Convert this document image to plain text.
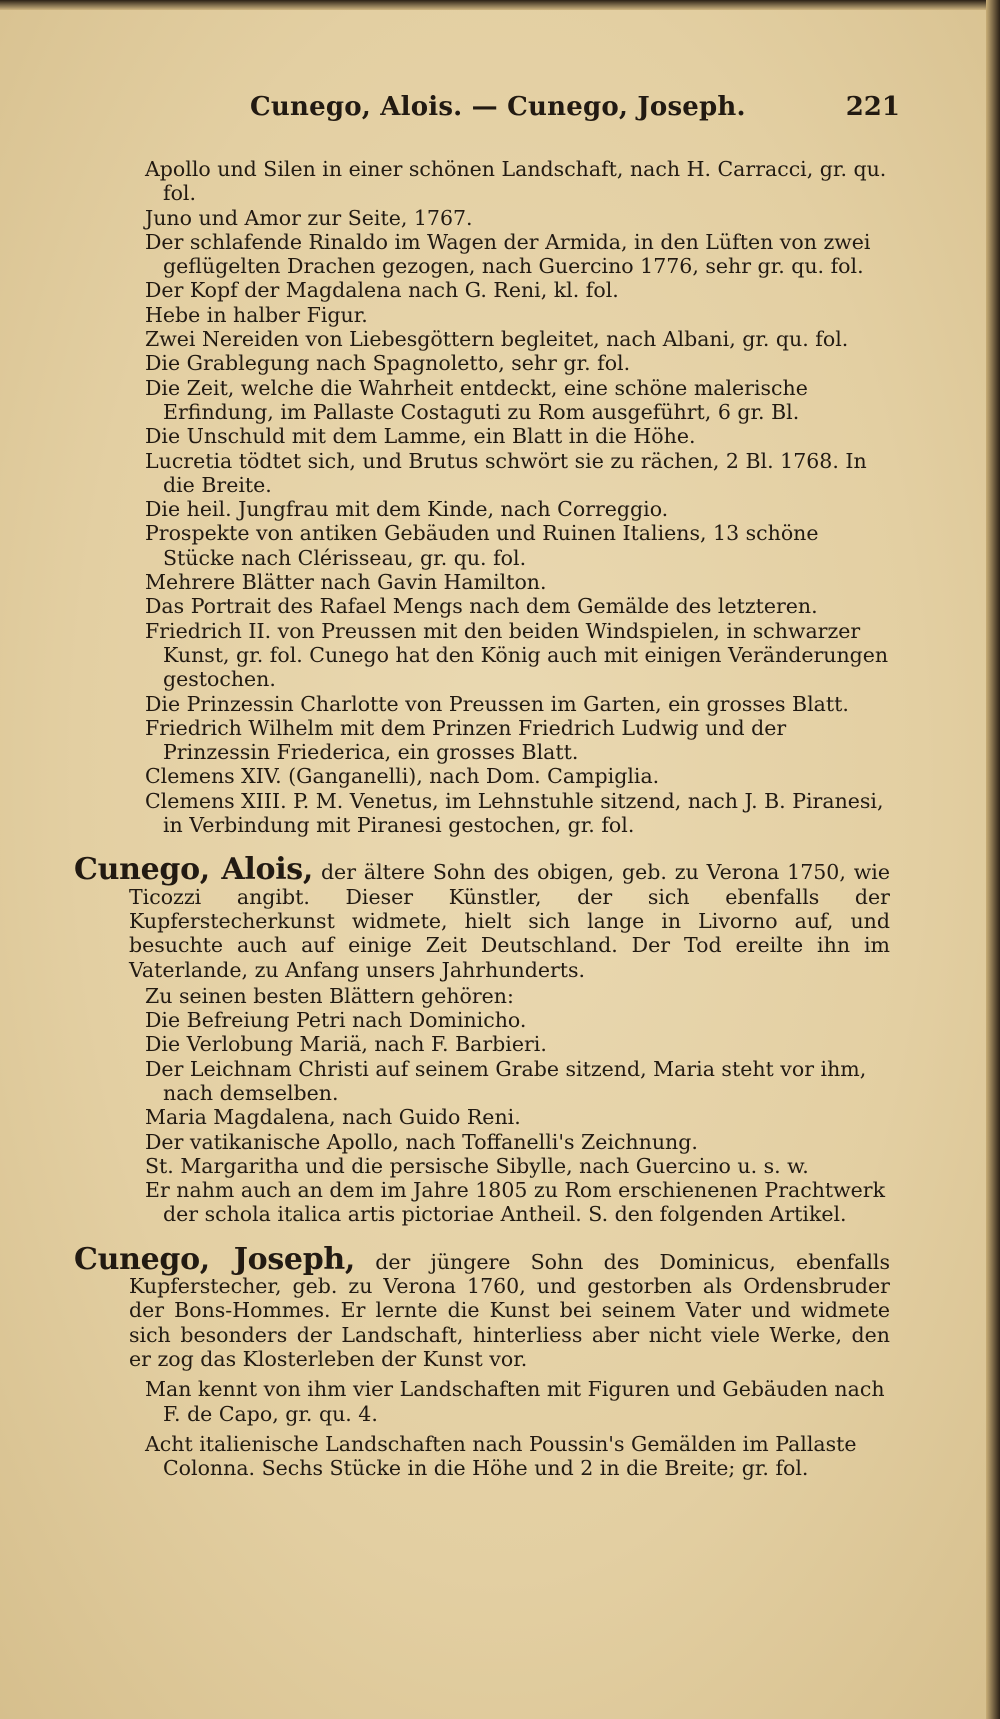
Cunego, Alois. — Cunego, Joseph.	221

Apollo und Silen in einer schönen Landschaft, nach H. Carracci, gr. qu. fol.

Juno und Amor zur Seite, 1767.

Der schlafende Rinaldo im Wagen der Armida, in den Lüften von zwei geflügelten Drachen gezogen, nach Guercino 1776, sehr gr. qu. fol.

Der Kopf der Magdalena nach G. Reni, kl. fol.

Hebe in halber Figur.

Zwei Nereiden von Liebesgöttern begleitet, nach Albani, gr. qu. fol.

Die Grablegung nach Spagnoletto, sehr gr. fol.

Die Zeit, welche die Wahrheit entdeckt, eine schöne malerische Erfindung, im Pallaste Costaguti zu Rom ausgeführt, 6 gr. Bl.

Die Unschuld mit dem Lamme, ein Blatt in die Höhe.

Lucretia tödtet sich, und Brutus schwört sie zu rächen, 2 Bl. 1768. In die Breite.

Die heil. Jungfrau mit dem Kinde, nach Correggio.

Prospekte von antiken Gebäuden und Ruinen Italiens, 13 schöne Stücke nach Clérisseau, gr. qu. fol.

Mehrere Blätter nach Gavin Hamilton.

Das Portrait des Rafael Mengs nach dem Gemälde des letzteren.

Friedrich II. von Preussen mit den beiden Windspielen, in schwarzer Kunst, gr. fol. Cunego hat den König auch mit einigen Veränderungen gestochen.

Die Prinzessin Charlotte von Preussen im Garten, ein grosses Blatt.

Friedrich Wilhelm mit dem Prinzen Friedrich Ludwig und der Prinzessin Friederica, ein grosses Blatt.

Clemens XIV. (Ganganelli), nach Dom. Campiglia.

Clemens XIII. P. M. Venetus, im Lehnstuhle sitzend, nach J. B. Piranesi, in Verbindung mit Piranesi gestochen, gr. fol.

Cunego, Alois, der ältere Sohn des obigen, geb. zu Verona 1750, wie Ticozzi angibt. Dieser Künstler, der sich ebenfalls der Kupferstecherkunst widmete, hielt sich lange in Livorno auf, und besuchte auch auf einige Zeit Deutschland. Der Tod ereilte ihn im Vaterlande, zu Anfang unsers Jahrhunderts.

Zu seinen besten Blättern gehören:

Die Befreiung Petri nach Dominicho.

Die Verlobung Mariä, nach F. Barbieri.

Der Leichnam Christi auf seinem Grabe sitzend, Maria steht vor ihm, nach demselben.

Maria Magdalena, nach Guido Reni.

Der vatikanische Apollo, nach Toffanelli's Zeichnung.

St. Margaritha und die persische Sibylle, nach Guercino u. s. w.

Er nahm auch an dem im Jahre 1805 zu Rom erschienenen Prachtwerk der schola italica artis pictoriae Antheil. S. den folgenden Artikel.

Cunego, Joseph, der jüngere Sohn des Dominicus, ebenfalls Kupferstecher, geb. zu Verona 1760, und gestorben als Ordensbruder der Bons-Hommes. Er lernte die Kunst bei seinem Vater und widmete sich besonders der Landschaft, hinterliess aber nicht viele Werke, den er zog das Klosterleben der Kunst vor.

Man kennt von ihm vier Landschaften mit Figuren und Gebäuden nach F. de Capo, gr. qu. 4.

Acht italienische Landschaften nach Poussin's Gemälden im Pallaste Colonna. Sechs Stücke in die Höhe und 2 in die Breite; gr. fol.
